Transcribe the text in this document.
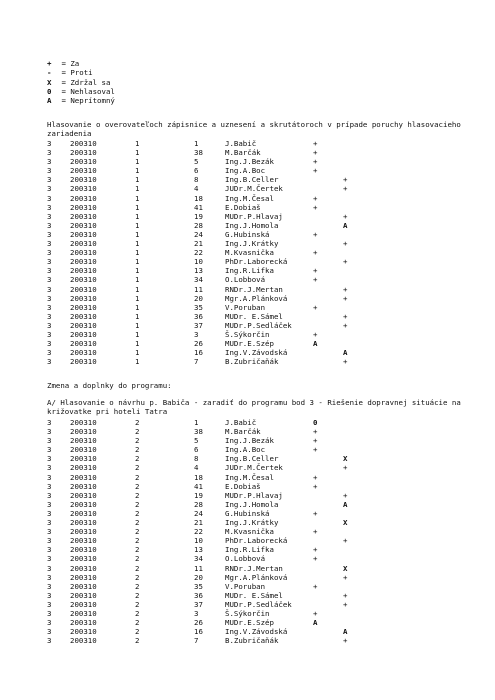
+ = Za
- = Proti
X = Zdržal sa
0 = Nehlasoval
A = Neprítomný
Hlasovanie o overovateľoch zápisnice a uznesení a skrutátoroch v prípade poruchy hlasovacieho zariadenia
3	200310	1	1	J.Babič	+
3	200310	1	38	M.Barčák	+
3	200310	1	5	Ing.J.Bezák	+
3	200310	1	6	Ing.A.Boc	+
3	200310	1	8	Ing.B.Celler	+
3	200310	1	4	JUDr.M.Čertek	+
3	200310	1	18	Ing.M.Česal	+
3	200310	1	41	E.Dobiaš	+
3	200310	1	19	MUDr.P.Hlavaj	+
3	200310	1	28	Ing.J.Homola	A
3	200310	1	24	G.Hubinská	+
3	200310	1	21	Ing.J.Krátky	+
3	200310	1	22	M.Kvasnička	+
3	200310	1	10	PhDr.Laborecká	+
3	200310	1	13	Ing.R.Lifka	+
3	200310	1	34	O.Lobbová	+
3	200310	1	11	RNDr.J.Mertan	+
3	200310	1	20	Mgr.A.Plánková	+
3	200310	1	35	V.Poruban	+
3	200310	1	36	MUDr. E.Sámel	+
3	200310	1	37	MUDr.P.Sedláček	+
3	200310	1	3	Š.Sýkorčin	+
3	200310	1	26	MUDr.E.Szép	A
3	200310	1	16	Ing.V.Závodská	A
3	200310	1	7	B.Zubričaňák	+
Zmena a doplnky do programu:
A/ Hlasovanie o návrhu p. Babiča - zaradiť do programu bod 3 - Riešenie dopravnej situácie na križovatke pri hoteli Tatra
3	200310	2	1	J.Babič	0
3	200310	2	38	M.Barčák	+
3	200310	2	5	Ing.J.Bezák	+
3	200310	2	6	Ing.A.Boc	+
3	200310	2	8	Ing.B.Celler	X
3	200310	2	4	JUDr.M.Čertek	+
3	200310	2	18	Ing.M.Česal	+
3	200310	2	41	E.Dobiaš	+
3	200310	2	19	MUDr.P.Hlavaj	+
3	200310	2	28	Ing.J.Homola	A
3	200310	2	24	G.Hubinská	+
3	200310	2	21	Ing.J.Krátky	X
3	200310	2	22	M.Kvasnička	+
3	200310	2	10	PhDr.Laborecká	+
3	200310	2	13	Ing.R.Lifka	+
3	200310	2	34	O.Lobbová	+
3	200310	2	11	RNDr.J.Mertan	X
3	200310	2	20	Mgr.A.Plánková	+
3	200310	2	35	V.Poruban	+
3	200310	2	36	MUDr. E.Sámel	+
3	200310	2	37	MUDr.P.Sedláček	+
3	200310	2	3	Š.Sýkorčin	+
3	200310	2	26	MUDr.E.Szép	A
3	200310	2	16	Ing.V.Závodská	A
3	200310	2	7	B.Zubričaňák	+
